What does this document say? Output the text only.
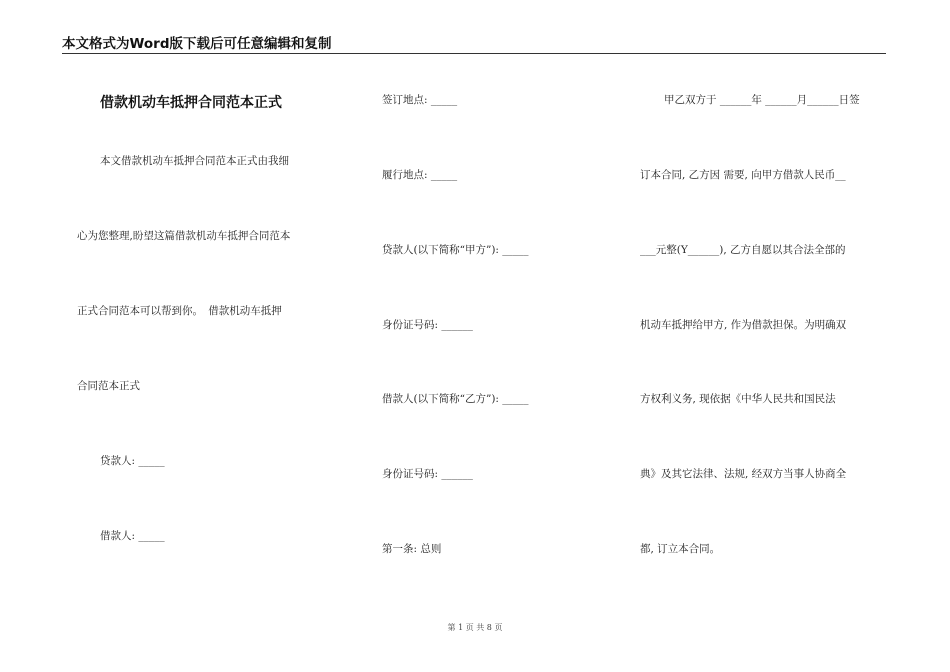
本文格式为Word版下载后可任意编辑和复制
借款机动车抵押合同范本正式
本文借款机动车抵押合同范本正式由我细
心为您整理,盼望这篇借款机动车抵押合同范本
正式合同范本可以帮到你。　借款机动车抵押
合同范本正式
贷款人: _____
借款人: _____
签订地点: _____
履行地点: _____
贷款人(以下简称“甲方”): _____
身份证号码: ______
借款人(以下简称“乙方”): _____
身份证号码: ______
第一条: 总则
甲乙双方于 ______年 ______月______日签
订本合同, 乙方因 需要, 向甲方借款人民币__
___元整(Y______), 乙方自愿以其合法全部的
机动车抵押给甲方, 作为借款担保。为明确双
方权利义务, 现依据《中华人民共和国民法
典》及其它法律、法规, 经双方当事人协商全
都, 订立本合同。
第 1 页 共 8 页
